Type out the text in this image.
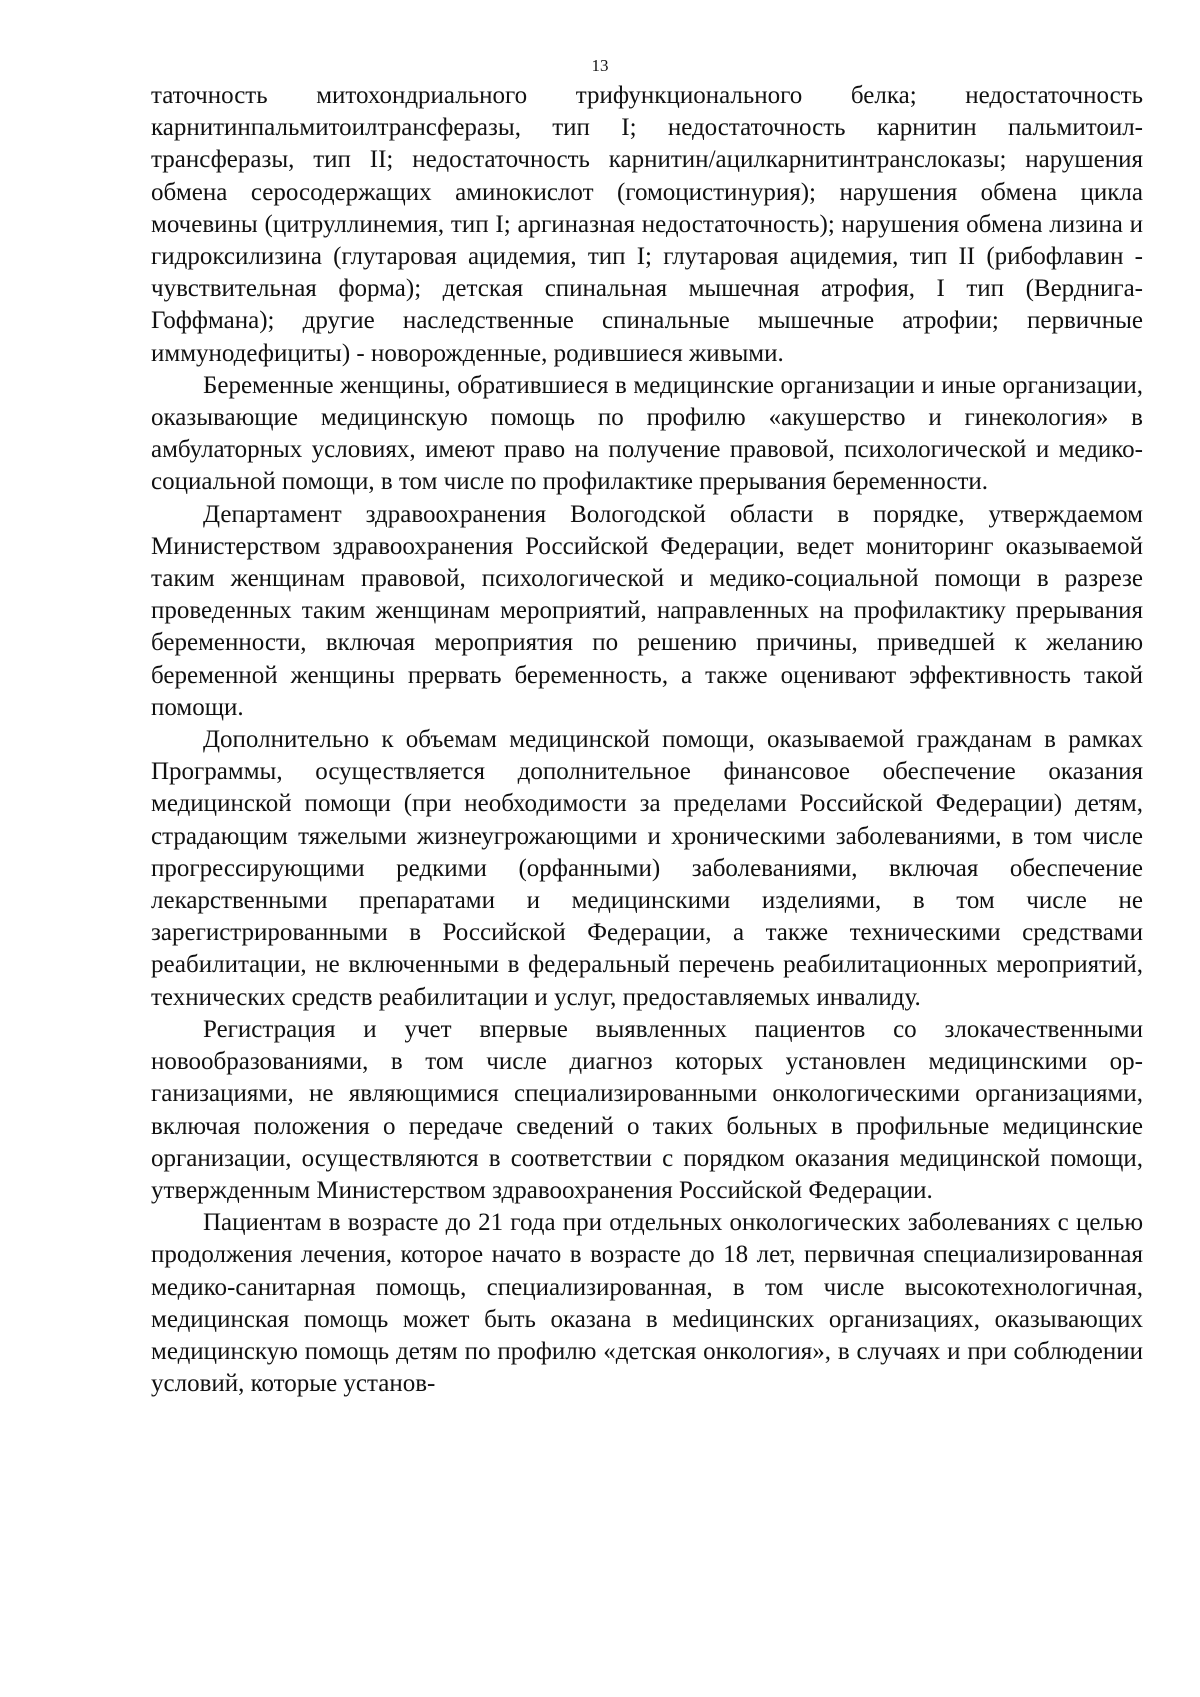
13

таточность митохондриального трифункционального белка; недостаточность карнитинпальмитоилтрансферазы, тип I; недостаточность карнитин пальмитоилтрансферазы, тип II; недостаточность карнитин/ацилкарнитинтранслоказы; нарушения обмена серосодержащих аминокислот (гомоцистинурия); нарушения обмена цикла мочевины (цитруллинемия, тип I; аргиназная недостаточность); нарушения обмена лизина и гидроксилизина (глутаровая ацидемия, тип I; глутаровая ацидемия, тип II (рибофлавин - чувствительная форма); детская спинальная мышечная атрофия, I тип (Верднига-Гоффмана); другие наследственные спинальные мышечные атрофии; первичные иммунодефициты) - новорожденные, родившиеся живыми.

Беременные женщины, обратившиеся в медицинские организации и иные организации, оказывающие медицинскую помощь по профилю «акушерство и гинекология» в амбулаторных условиях, имеют право на получение правовой, психологической и медико-социальной помощи, в том числе по профилактике прерывания беременности.

Департамент здравоохранения Вологодской области в порядке, утверждаемом Министерством здравоохранения Российской Федерации, ведет мониторинг оказываемой таким женщинам правовой, психологической и медико-социальной помощи в разрезе проведенных таким женщинам мероприятий, направленных на профилактику прерывания беременности, включая мероприятия по решению причины, приведшей к желанию беременной женщины прервать беременность, а также оценивают эффективность такой помощи.

Дополнительно к объемам медицинской помощи, оказываемой гражданам в рамках Программы, осуществляется дополнительное финансовое обеспечение оказания медицинской помощи (при необходимости за пределами Российской Федерации) детям, страдающим тяжелыми жизнеугрожающими и хроническими заболеваниями, в том числе прогрессирующими редкими (орфанными) заболеваниями, включая обеспечение лекарственными препаратами и медицинскими изделиями, в том числе не зарегистрированными в Российской Федерации, а также техническими средствами реабилитации, не включенными в федеральный перечень реабилитационных мероприятий, технических средств реабилитации и услуг, предоставляемых инвалиду.

Регистрация и учет впервые выявленных пациентов со злокачественными новообразованиями, в том числе диагноз которых установлен медицинскими организациями, не являющимися специализированными онкологическими организациями, включая положения о передаче сведений о таких больных в профильные медицинские организации, осуществляются в соответствии с порядком оказания медицинской помощи, утвержденным Министерством здравоохранения Российской Федерации.

Пациентам в возрасте до 21 года при отдельных онкологических заболеваниях с целью продолжения лечения, которое начато в возрасте до 18 лет, первичная специализированная медико-санитарная помощь, специализированная, в том числе высокотехнологичная, медицинская помощь может быть оказана в меdицинских организациях, оказывающих медицинскую помощь детям по профилю «детская онкология», в случаях и при соблюдении условий, которые установ-
